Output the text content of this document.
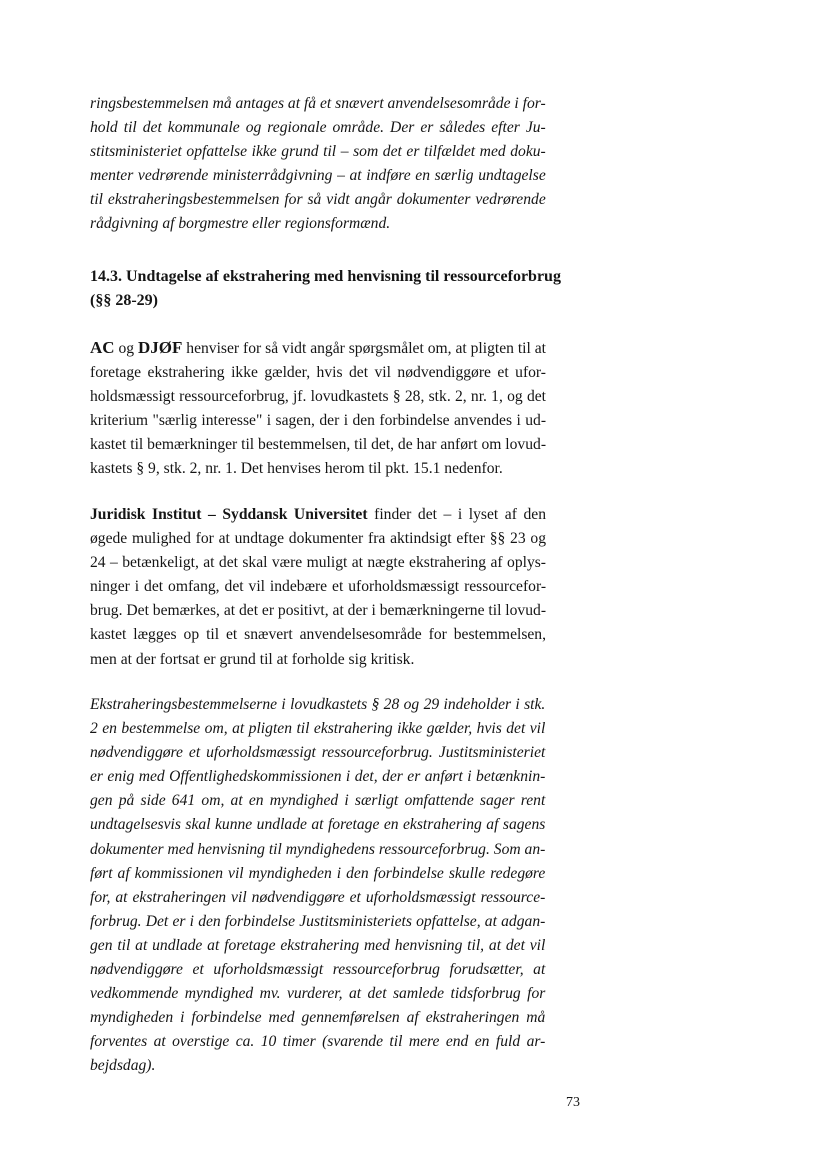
ringsbestemmelsen må antages at få et snævert anvendelsesområde i for-
hold til det kommunale og regionale område. Der er således efter Ju-
stitsministeriet opfattelse ikke grund til – som det er tilfældet med doku-
menter vedrørende ministerrådgivning – at indføre en særlig undtagelse
til ekstraheringsbestemmelsen for så vidt angår dokumenter vedrørende
rådgivning af borgmestre eller regionsformænd.

14.3. Undtagelse af ekstrahering med henvisning til ressourceforbrug
(§§ 28-29)

AC og DJØF henviser for så vidt angår spørgsmålet om, at pligten til at
foretage ekstrahering ikke gælder, hvis det vil nødvendiggøre et ufor-
holdsmæssigt ressourceforbrug, jf. lovudkastets § 28, stk. 2, nr. 1, og det
kriterium "særlig interesse" i sagen, der i den forbindelse anvendes i ud-
kastet til bemærkninger til bestemmelsen, til det, de har anført om lovud-
kastets § 9, stk. 2, nr. 1. Det henvises herom til pkt. 15.1 nedenfor.

Juridisk Institut – Syddansk Universitet finder det – i lyset af den
øgede mulighed for at undtage dokumenter fra aktindsigt efter §§ 23 og
24 – betænkeligt, at det skal være muligt at nægte ekstrahering af oplys-
ninger i det omfang, det vil indebære et uforholdsmæssigt ressourcefor-
brug. Det bemærkes, at det er positivt, at der i bemærkningerne til lovud-
kastet lægges op til et snævert anvendelsesområde for bestemmelsen,
men at der fortsat er grund til at forholde sig kritisk.

Ekstraheringsbestemmelserne i lovudkastets § 28 og 29 indeholder i stk.
2 en bestemmelse om, at pligten til ekstrahering ikke gælder, hvis det vil
nødvendiggøre et uforholdsmæssigt ressourceforbrug. Justitsministeriet
er enig med Offentlighedskommissionen i det, der er anført i betænknin-
gen på side 641 om, at en myndighed i særligt omfattende sager rent
undtagelsesvis skal kunne undlade at foretage en ekstrahering af sagens
dokumenter med henvisning til myndighedens ressourceforbrug. Som an-
ført af kommissionen vil myndigheden i den forbindelse skulle redegøre
for, at ekstraheringen vil nødvendiggøre et uforholdsmæssigt ressource-
forbrug. Det er i den forbindelse Justitsministeriets opfattelse, at adgan-
gen til at undlade at foretage ekstrahering med henvisning til, at det vil
nødvendiggøre et uforholdsmæssigt ressourceforbrug forudsætter, at
vedkommende myndighed mv. vurderer, at det samlede tidsforbrug for
myndigheden i forbindelse med gennemførelsen af ekstraheringen må
forventes at overstige ca. 10 timer (svarende til mere end en fuld ar-
bejdsdag).

73
